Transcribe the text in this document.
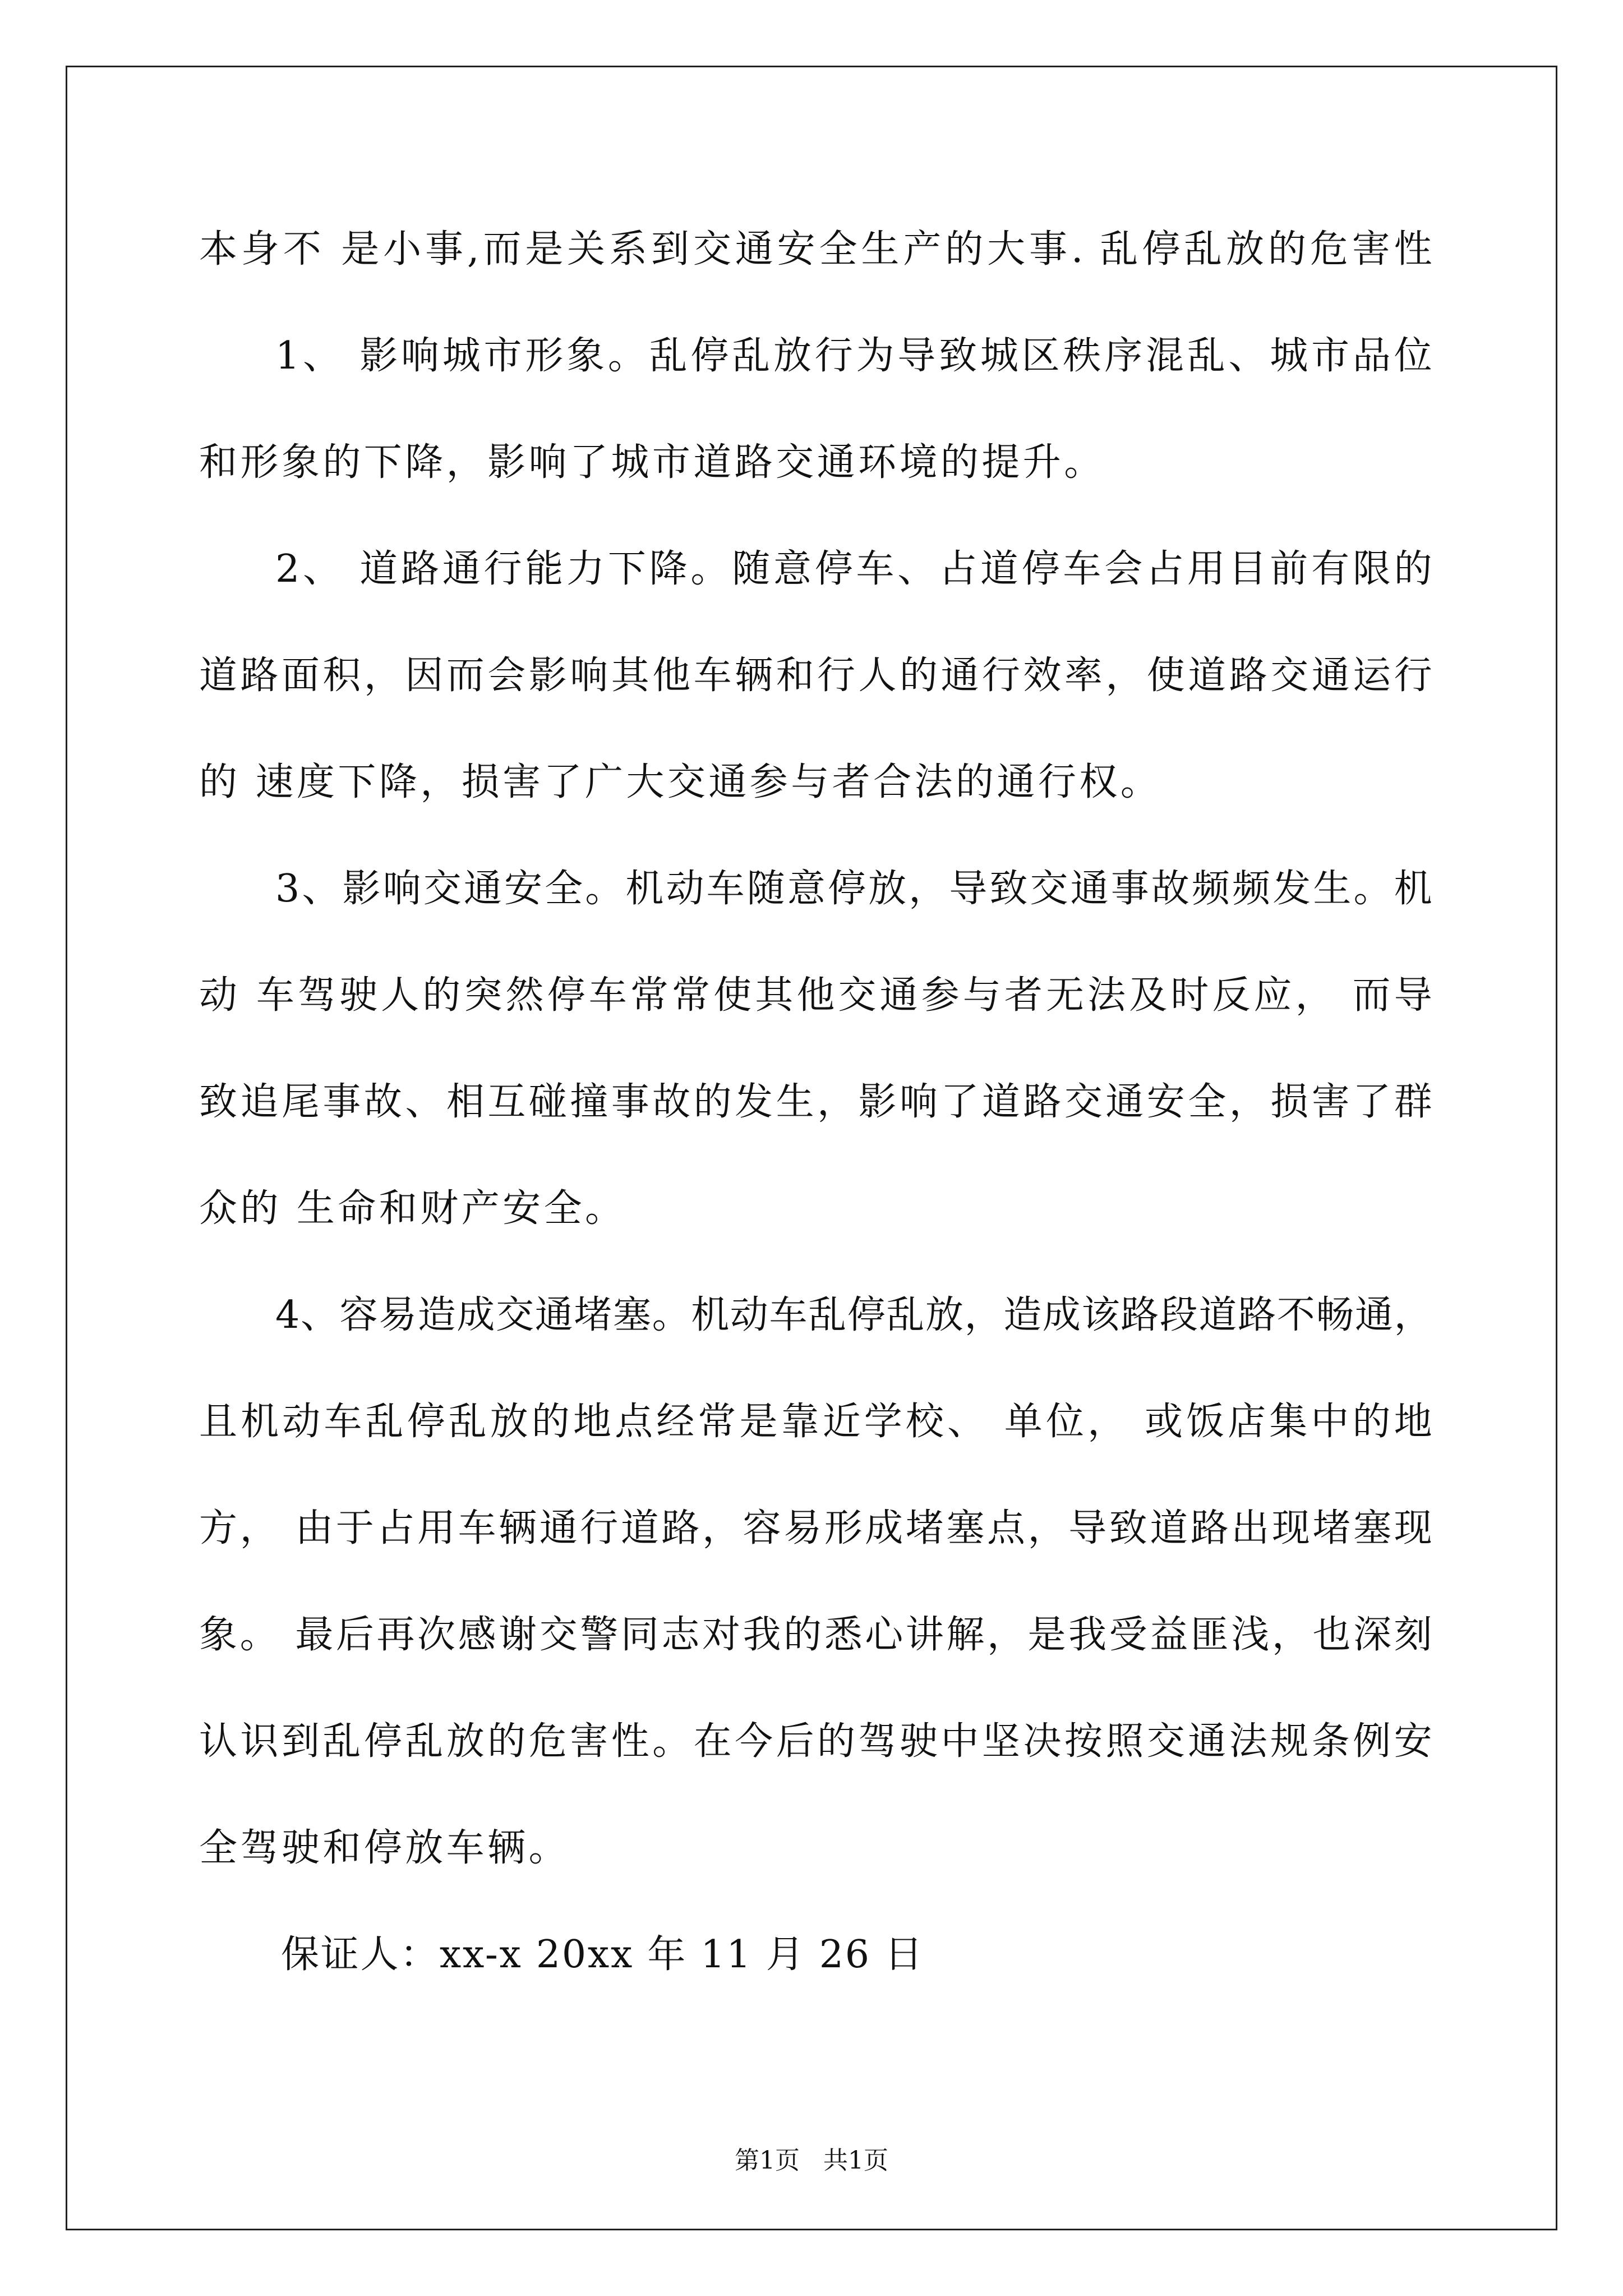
本身不 是小事,而是关系到交通安全生产的大事. 乱停乱放的危害性
1、 影响城市形象。乱停乱放行为导致城区秩序混乱、城市品位
和形象的下降，影响了城市道路交通环境的提升。
2、 道路通行能力下降。随意停车、占道停车会占用目前有限的
道路面积，因而会影响其他车辆和行人的通行效率，使道路交通运行
的 速度下降，损害了广大交通参与者合法的通行权。
3、影响交通安全。机动车随意停放，导致交通事故频频发生。机
动 车驾驶人的突然停车常常使其他交通参与者无法及时反应， 而导
致追尾事故、相互碰撞事故的发生，影响了道路交通安全，损害了群
众的 生命和财产安全。
4、容易造成交通堵塞。机动车乱停乱放，造成该路段道路不畅通，
且机动车乱停乱放的地点经常是靠近学校、 单位， 或饭店集中的地
方， 由于占用车辆通行道路，容易形成堵塞点，导致道路出现堵塞现
象。 最后再次感谢交警同志对我的悉心讲解，是我受益匪浅，也深刻
认识到乱停乱放的危害性。在今后的驾驶中坚决按照交通法规条例安
全驾驶和停放车辆。
保证人：xx-x 20xx 年 11 月 26 日
第1页   共1页
